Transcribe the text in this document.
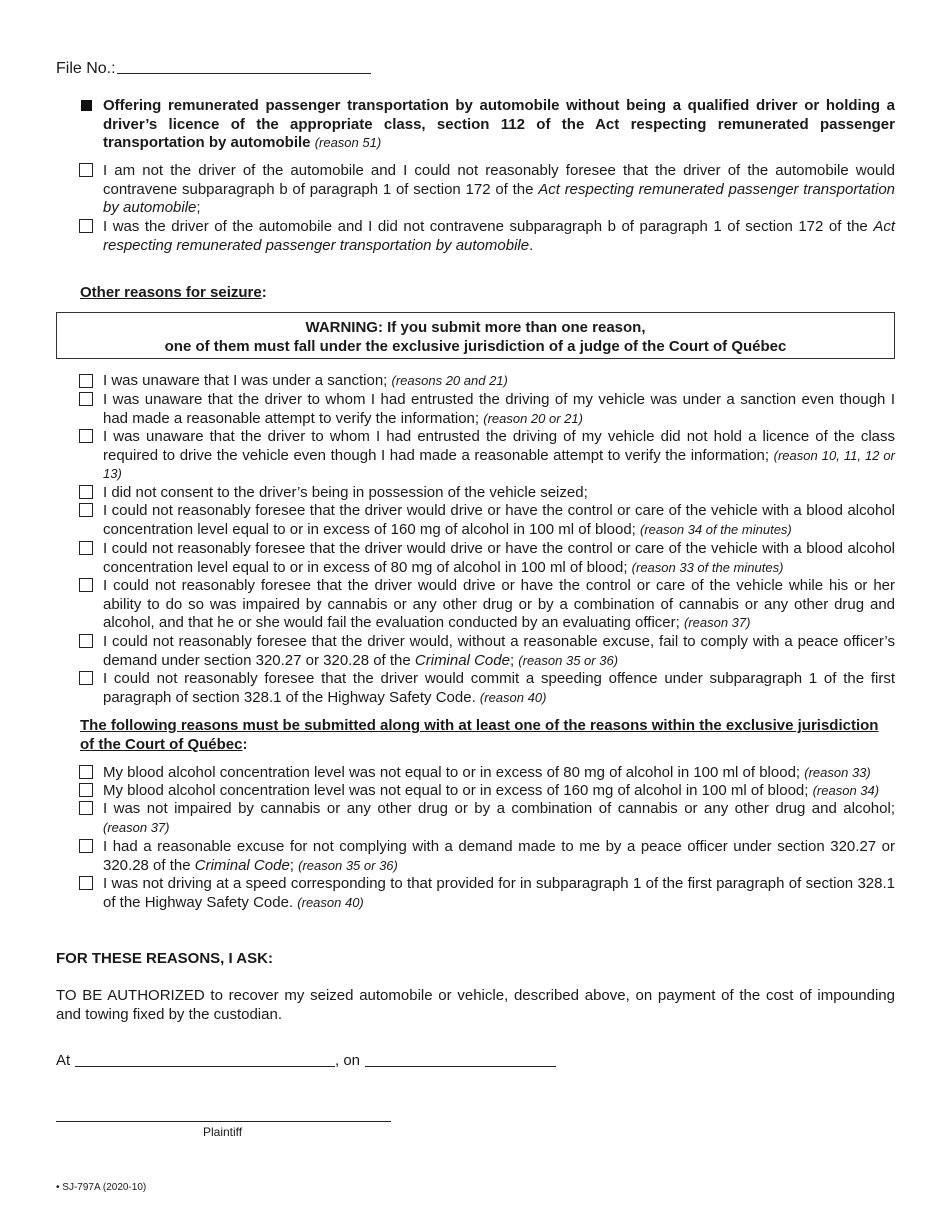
File No.:
Offering remunerated passenger transportation by automobile without being a qualified driver or holding a driver’s licence of the appropriate class, section 112 of the Act respecting remunerated passenger transportation by automobile (reason 51)
I am not the driver of the automobile and I could not reasonably foresee that the driver of the automobile would contravene subparagraph b of paragraph 1 of section 172 of the Act respecting remunerated passenger transportation by automobile;
I was the driver of the automobile and I did not contravene subparagraph b of paragraph 1 of section 172 of the Act respecting remunerated passenger transportation by automobile.
Other reasons for seizure:
WARNING: If you submit more than one reason,
one of them must fall under the exclusive jurisdiction of a judge of the Court of Québec
I was unaware that I was under a sanction; (reasons 20 and 21)
I was unaware that the driver to whom I had entrusted the driving of my vehicle was under a sanction even though I had made a reasonable attempt to verify the information; (reason 20 or 21)
I was unaware that the driver to whom I had entrusted the driving of my vehicle did not hold a licence of the class required to drive the vehicle even though I had made a reasonable attempt to verify the information; (reason 10, 11, 12 or 13)
I did not consent to the driver’s being in possession of the vehicle seized;
I could not reasonably foresee that the driver would drive or have the control or care of the vehicle with a blood alcohol concentration level equal to or in excess of 160 mg of alcohol in 100 ml of blood; (reason 34 of the minutes)
I could not reasonably foresee that the driver would drive or have the control or care of the vehicle with a blood alcohol concentration level equal to or in excess of 80 mg of alcohol in 100 ml of blood; (reason 33 of the minutes)
I could not reasonably foresee that the driver would drive or have the control or care of the vehicle while his or her ability to do so was impaired by cannabis or any other drug or by a combination of cannabis or any other drug and alcohol, and that he or she would fail the evaluation conducted by an evaluating officer; (reason 37)
I could not reasonably foresee that the driver would, without a reasonable excuse, fail to comply with a peace officer’s demand under section 320.27 or 320.28 of the Criminal Code; (reason 35 or 36)
I could not reasonably foresee that the driver would commit a speeding offence under subparagraph 1 of the first paragraph of section 328.1 of the Highway Safety Code. (reason 40)
The following reasons must be submitted along with at least one of the reasons within the exclusive jurisdiction of the Court of Québec:
My blood alcohol concentration level was not equal to or in excess of 80 mg of alcohol in 100 ml of blood; (reason 33)
My blood alcohol concentration level was not equal to or in excess of 160 mg of alcohol in 100 ml of blood; (reason 34)
I was not impaired by cannabis or any other drug or by a combination of cannabis or any other drug and alcohol; (reason 37)
I had a reasonable excuse for not complying with a demand made to me by a peace officer under section 320.27 or 320.28 of the Criminal Code; (reason 35 or 36)
I was not driving at a speed corresponding to that provided for in subparagraph 1 of the first paragraph of section 328.1 of the Highway Safety Code. (reason 40)
FOR THESE REASONS, I ASK:
TO BE AUTHORIZED to recover my seized automobile or vehicle, described above, on payment of the cost of impounding and towing fixed by the custodian.
At	, on
Plaintiff
• SJ-797A (2020-10)
